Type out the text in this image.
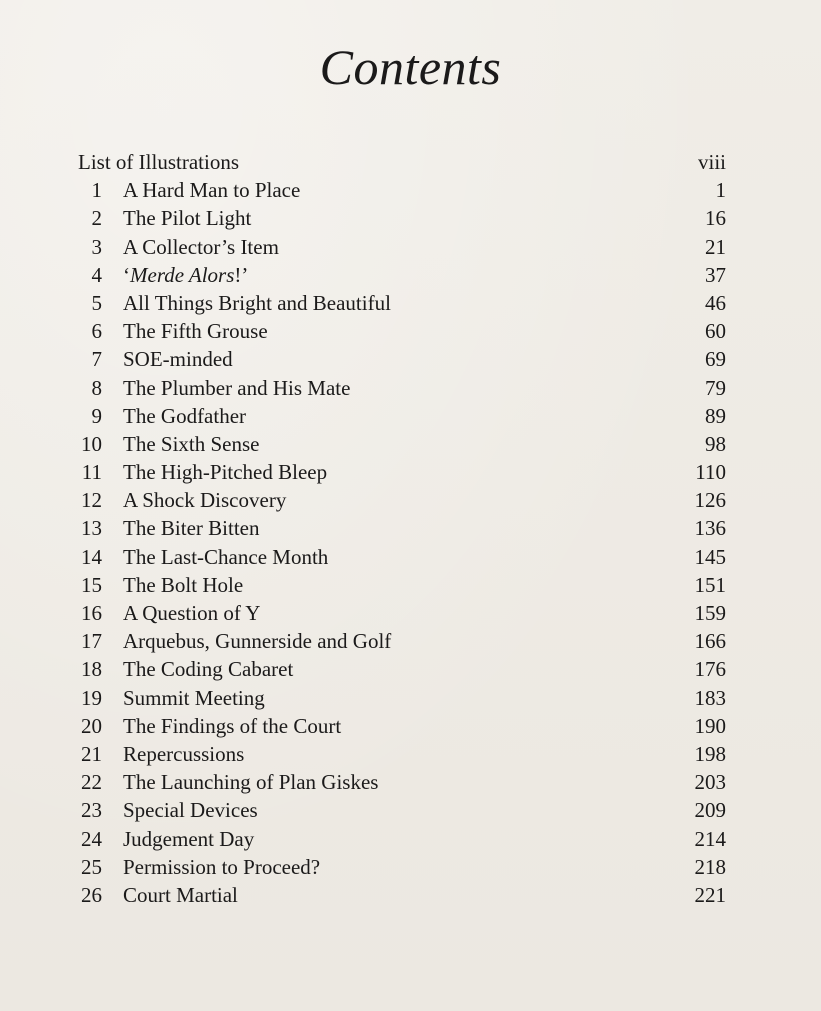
Contents
List of Illustrations	viii
1 A Hard Man to Place	1
2 The Pilot Light	16
3 A Collector’s Item	21
4 ‘Merde Alors!’	37
5 All Things Bright and Beautiful	46
6 The Fifth Grouse	60
7 SOE-minded	69
8 The Plumber and His Mate	79
9 The Godfather	89
10 The Sixth Sense	98
11 The High-Pitched Bleep	110
12 A Shock Discovery	126
13 The Biter Bitten	136
14 The Last-Chance Month	145
15 The Bolt Hole	151
16 A Question of Y	159
17 Arquebus, Gunnerside and Golf	166
18 The Coding Cabaret	176
19 Summit Meeting	183
20 The Findings of the Court	190
21 Repercussions	198
22 The Launching of Plan Giskes	203
23 Special Devices	209
24 Judgement Day	214
25 Permission to Proceed?	218
26 Court Martial	221
